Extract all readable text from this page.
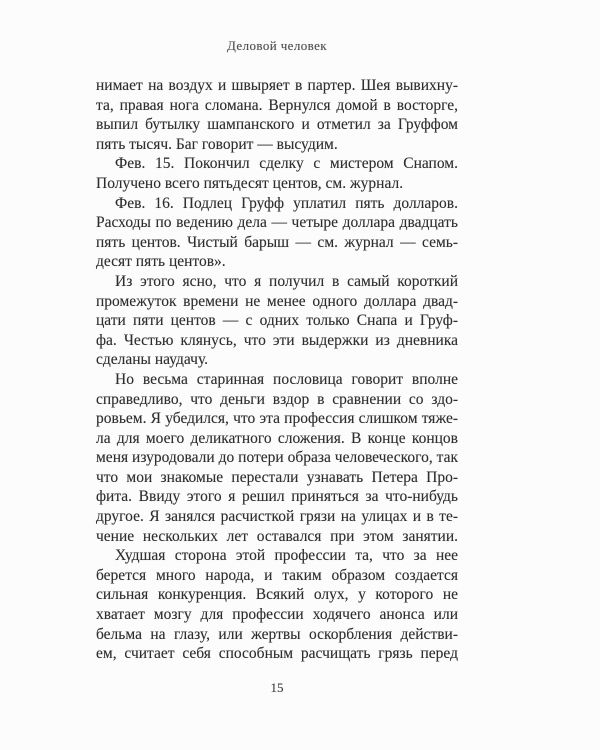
Деловой человек
нимает на воздух и швыряет в партер. Шея вывихну-
та, правая нога сломана. Вернулся домой в восторге,
выпил бутылку шампанского и отметил за Груффом
пять тысяч. Баг говорит — высудим.
Фев. 15. Покончил сделку с мистером Снапом.
Получено всего пятьдесят центов, см. журнал.
Фев. 16. Подлец Груфф уплатил пять долларов.
Расходы по ведению дела — четыре доллара двадцать
пять центов. Чистый барыш — см. журнал — семь-
десят пять центов».
Из этого ясно, что я получил в самый короткий
промежуток времени не менее одного доллара двад-
цати пяти центов — с одних только Снапа и Груф-
фа. Честью клянусь, что эти выдержки из дневника
сделаны наудачу.
Но весьма старинная пословица говорит вполне
справедливо, что деньги вздор в сравнении со здо-
ровьем. Я убедился, что эта профессия слишком тяже-
ла для моего деликатного сложения. В конце концов
меня изуродовали до потери образа человеческого, так
что мои знакомые перестали узнавать Петера Про-
фита. Ввиду этого я решил приняться за что-нибудь
другое. Я занялся расчисткой грязи на улицах и в те-
чение нескольких лет оставался при этом занятии.
Худшая сторона этой профессии та, что за нее
берется много народа, и таким образом создается
сильная конкуренция. Всякий олух, у которого не
хватает мозгу для профессии ходячего анонса или
бельма на глазу, или жертвы оскорбления действи-
ем, считает себя способным расчищать грязь перед
15
